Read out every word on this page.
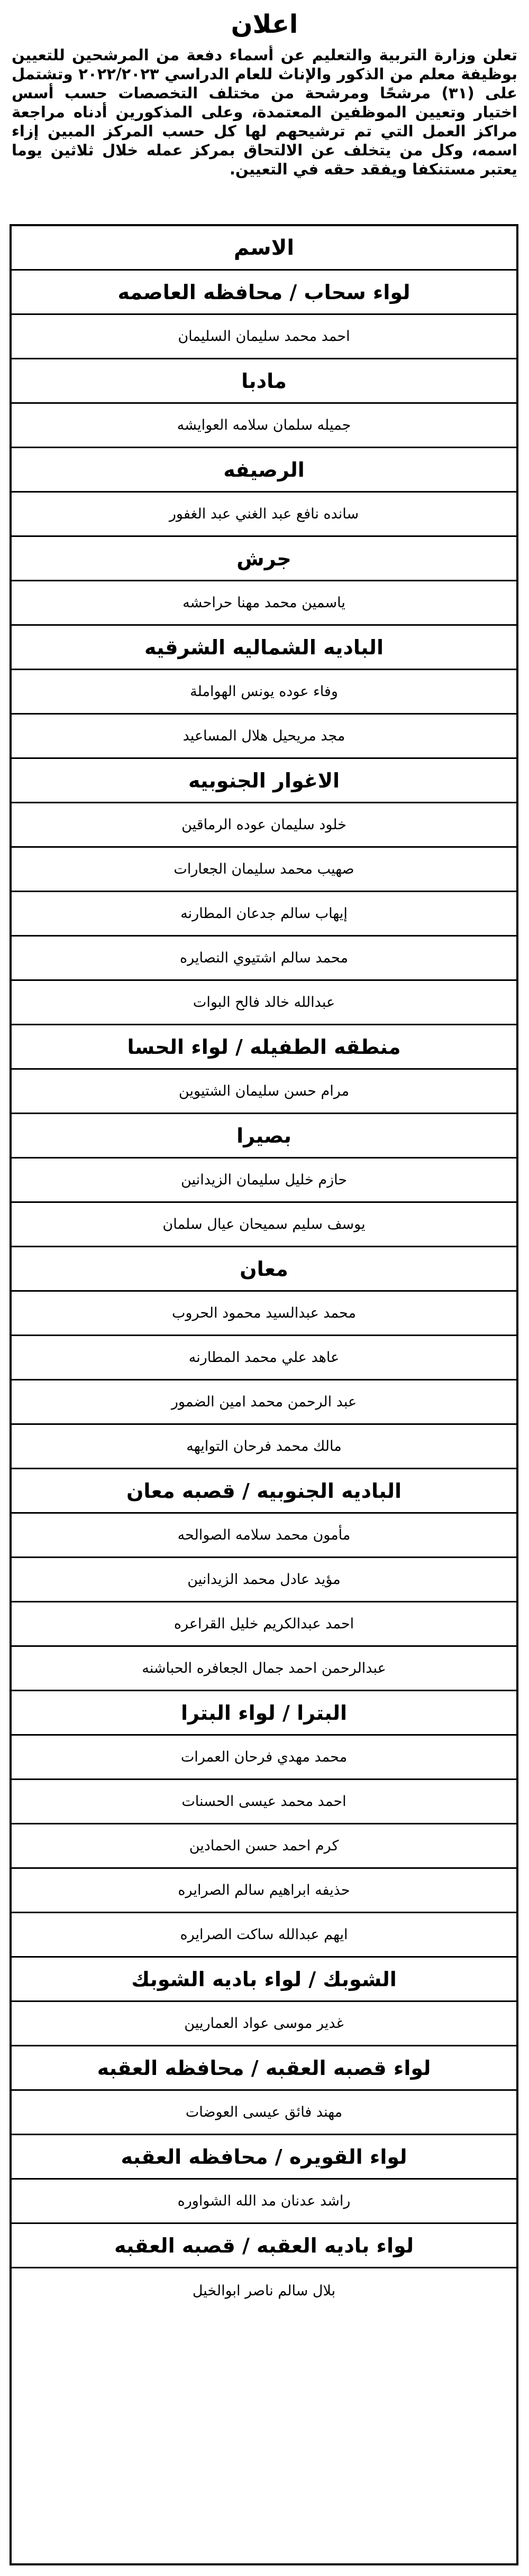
اعلان
تعلن وزارة التربية والتعليم عن أسماء دفعة من المرشحين للتعيين بوظيفة معلم من الذكور والإناث للعام الدراسي ٢٠٢٢/٢٠٢٣ وتشتمل على (٣١) مرشحًا ومرشحة من مختلف التخصصات حسب أسس اختيار وتعيين الموظفين المعتمدة، وعلى المذكورين أدناه مراجعة مراكز العمل التي تم ترشيحهم لها كل حسب المركز المبين إزاء اسمه، وكل من يتخلف عن الالتحاق بمركز عمله خلال ثلاثين يوما يعتبر مستنكفا ويفقد حقه في التعيين.
الاسم
لواء سحاب / محافظه العاصمه
احمد محمد سليمان السليمان
مادبا
جميله سلمان سلامه العوايشه
الرصيفه
سانده نافع عبد الغني عبد الغفور
جرش
ياسمين محمد مهنا حراحشه
الباديه الشماليه الشرقيه
وفاء عوده يونس الهواملة
مجد مريحيل هلال المساعيد
الاغوار الجنوبيه
خلود سليمان عوده الرماقين
صهيب محمد سليمان الجعارات
إيهاب سالم جدعان المطارنه
محمد سالم اشتيوي النصايره
عبدالله خالد فالح البوات
منطقه الطفيله / لواء الحسا
مرام حسن سليمان الشتيوين
بصيرا
حازم خليل سليمان الزيدانين
يوسف سليم سميحان عيال سلمان
معان
محمد عبدالسيد محمود الحروب
عاهد علي محمد المطارنه
عبد الرحمن محمد امين الضمور
مالك محمد فرحان التوايهه
الباديه الجنوبيه / قصبه معان
مأمون محمد سلامه الصوالحه
مؤيد عادل محمد الزيدانين
احمد عبدالكريم خليل القراعره
عبدالرحمن احمد جمال الجعافره الحباشنه
البترا / لواء البترا
محمد مهدي فرحان العمرات
احمد محمد عيسى الحسنات
كرم احمد حسن الحمادين
حذيفه ابراهيم سالم الصرايره
ايهم عبدالله ساكت الصرايره
الشوبك / لواء باديه الشوبك
غدير موسى عواد العماريين
لواء قصبه العقبه / محافظه العقبه
مهند فائق عيسى العوضات
لواء القويره / محافظه العقبه
راشد عدنان مد الله الشواوره
لواء باديه العقبه / قصبه العقبه
بلال سالم ناصر ابوالخيل
